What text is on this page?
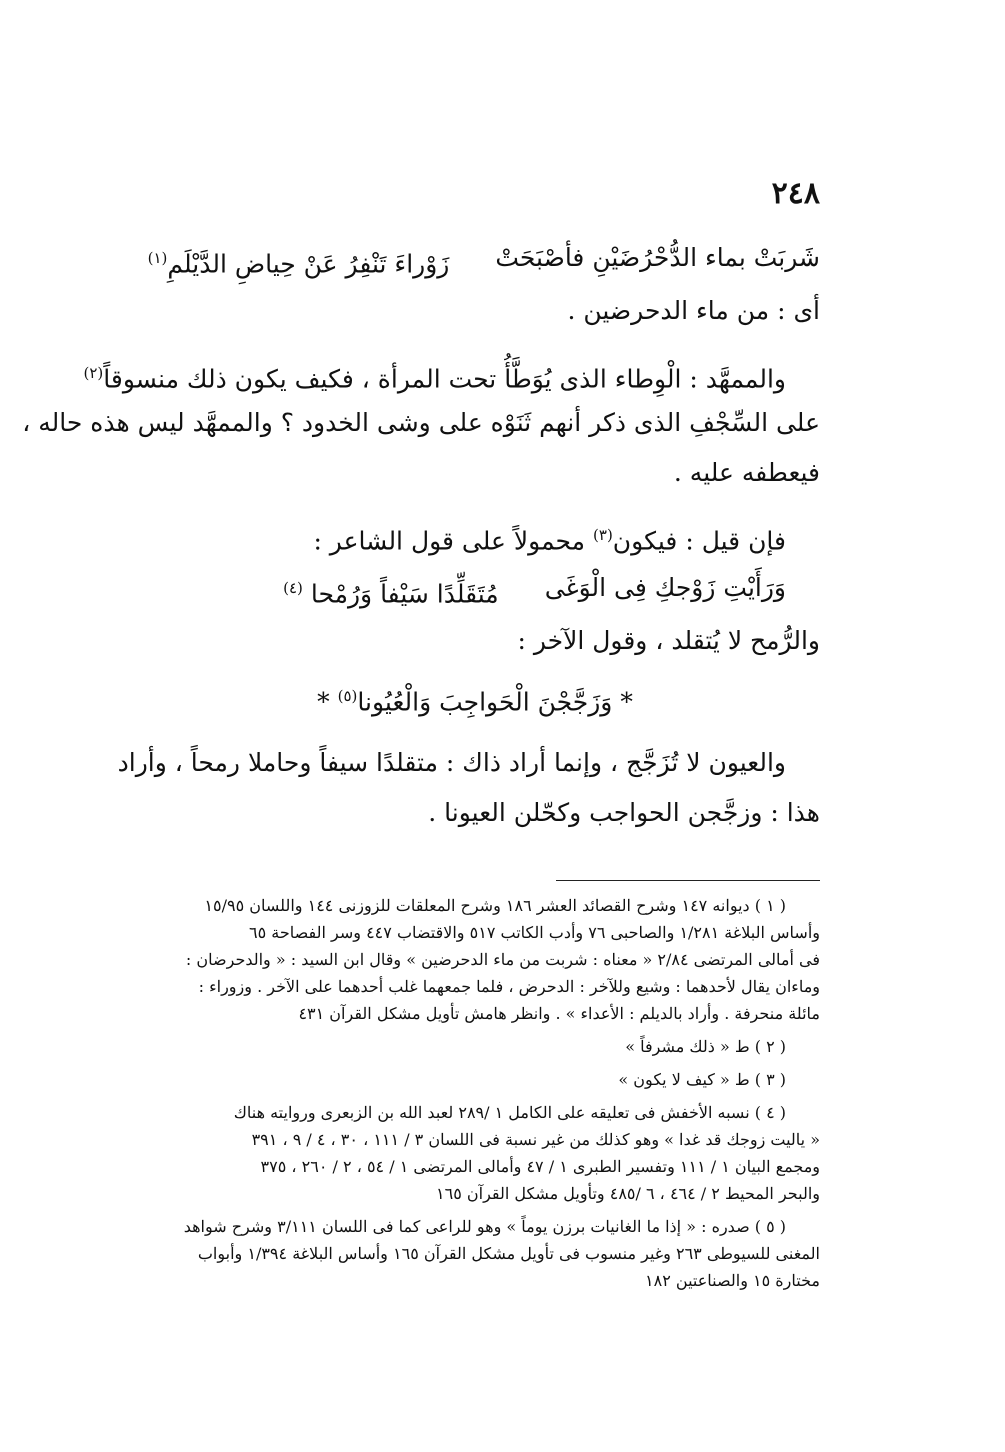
٢٤٨
شَربَتْ بماء الدُّحْرُضَيْنِ فأصْبَحَتْ
زَوْراءَ تَنْفِرُ عَنْ حِياضِ الدَّيْلَمِ$^{(١)}$
أى : من ماء الدحرضين .
والممهَّد : الْوِطاء الذى يُوَطَّأُ تحت المرأة ، فكيف يكون ذلك منسوقاً$^{(٢)}$
على السِّجْفِ الذى ذكر أنهم ثَنَوْه على وشى الخدود ؟ والممهَّد ليس هذه حاله ،
فيعطفه عليه .
فإن قيل : فيكون$^{(٣)}$ محمولاً على قول الشاعر :
وَرَأَيْتِ زَوْجكِ فِى الْوَغَى
مُتَقَلِّدًا سَيْفاً وَرُمْحا $^{(٤)}$
والرُّمح لا يُتقلد ، وقول الآخر :
* وَزَجَّجْنَ الْحَواجِبَ وَالْعُيُونا$^{(٥)}$ *
والعيون لا تُزَجَّج ، وإنما أراد ذاك : متقلدًا سيفاً وحاملا رمحاً ، وأراد
هذا : وزجَّجن الحواجب وكحّلن العيونا .
( ١ ) ديوانه ١٤٧ وشرح القصائد العشر ١٨٦ وشرح المعلقات للزوزنى ١٤٤ واللسان ١٥/٩٥
وأساس البلاغة ١/٢٨١ والصاحبى ٧٦ وأدب الكاتب ٥١٧ والاقتضاب ٤٤٧ وسر الفصاحة ٦٥
فى أمالى المرتضى ٢/٨٤ « معناه : شربت من ماء الدحرضين » وقال ابن السيد : « والدحرضان :
وماءان يقال لأحدهما : وشيع وللآخر : الدحرض ، فلما جمعهما غلب أحدهما على الآخر . وزوراء :
مائلة منحرفة . وأراد بالديلم : الأعداء » . وانظر هامش تأويل مشكل القرآن ٤٣١
( ٢ ) ط « ذلك مشرفاً »
( ٣ ) ط « كيف لا يكون »
( ٤ ) نسبه الأخفش فى تعليقه على الكامل ١ /٢٨٩ لعبد الله بن الزبعرى وروايته هناك
« ياليت زوجك قد غدا » وهو كذلك من غير نسبة فى اللسان ٣ / ١١١ ، ٣٠ ، ٤ / ٩ ، ٣٩١
ومجمع البيان ١ / ١١١ وتفسير الطبرى ١ / ٤٧ وأمالى المرتضى ١ / ٥٤ ، ٢ / ٢٦٠ ، ٣٧٥
والبحر المحيط ٢ / ٤٦٤ ، ٦ /٤٨٥ وتأويل مشكل القرآن ١٦٥
( ٥ ) صدره : « إذا ما الغانيات برزن يوماً » وهو للراعى كما فى اللسان ٣/١١١ وشرح شواهد
المغنى للسيوطى ٢٦٣ وغير منسوب فى تأويل مشكل القرآن ١٦٥ وأساس البلاغة ١/٣٩٤ وأبواب
مختارة ١٥ والصناعتين ١٨٢
